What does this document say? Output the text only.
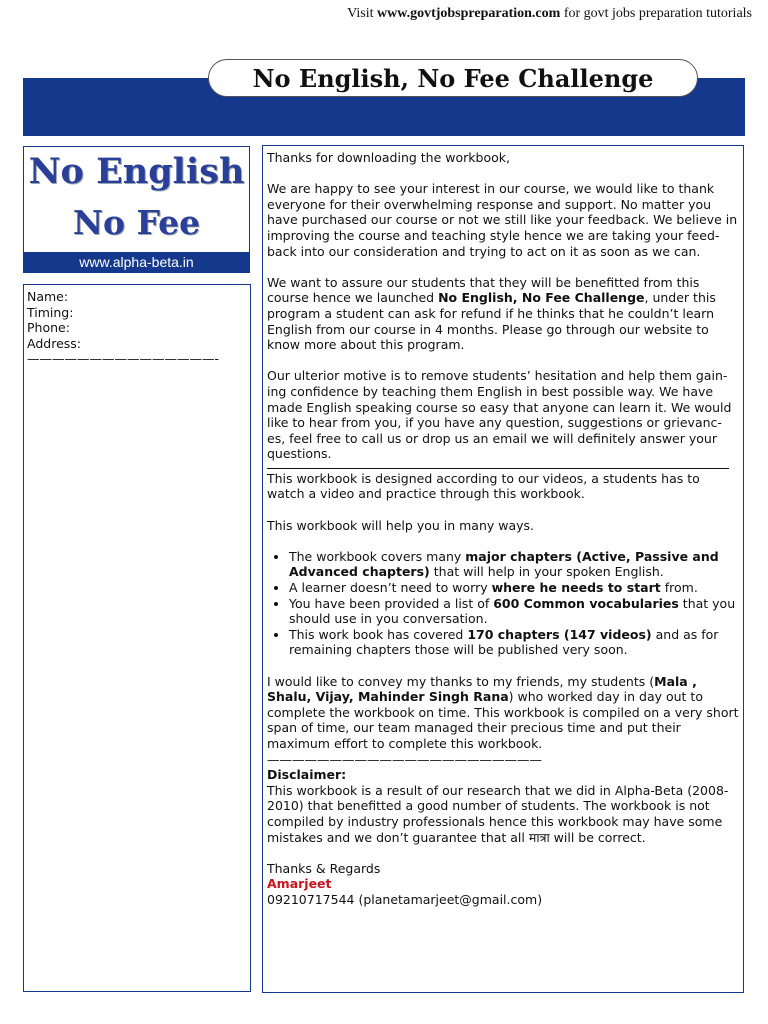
Visit www.govtjobspreparation.com for govt jobs preparation tutorials
No English, No Fee Challenge
No English
No Fee
www.alpha-beta.in
Name:
Timing:
Phone:
Address:
———————————————-

Thanks for downloading the workbook,

We are happy to see your interest in our course, we would like to thank everyone for their overwhelming response and support. No matter you have purchased our course or not we still like your feedback. We believe in improving the course and teaching style hence we are taking your feed-back into our consideration and trying to act on it as soon as we can.

We want to assure our students that they will be benefitted from this course hence we launched No English, No Fee Challenge, under this program a student can ask for refund if he thinks that he couldn’t learn English from our course in 4 months. Please go through our website to know more about this program.

Our ulterior motive is to remove students’ hesitation and help them gain-ing confidence by teaching them English in best possible way. We have made English speaking course so easy that anyone can learn it. We would like to hear from you, if you have any question, suggestions or grievanc-es, feel free to call us or drop us an email we will definitely answer your questions.

This workbook is designed according to our videos, a students has to watch a video and practice through this workbook.

This workbook will help you in many ways.

• The workbook covers many major chapters (Active, Passive and Advanced chapters) that will help in your spoken English.
• A learner doesn’t need to worry where he needs to start from.
• You have been provided a list of 600 Common vocabularies that you should use in you conversation.
• This work book has covered 170 chapters (147 videos) and as for remaining chapters those will be published very soon.

I would like to convey my thanks to my friends, my students (Mala , Shalu, Vijay, Mahinder Singh Rana) who worked day in day out to complete the workbook on time. This workbook is compiled on a very short span of time, our team managed their precious time and put their maximum effort to complete this workbook.

——————————————————————
Disclaimer:

This workbook is a result of our research that we did in Alpha-Beta (2008-2010) that benefitted a good number of students. The workbook is not compiled by industry professionals hence this workbook may have some mistakes and we don’t guarantee that all मात्रा will be correct.

Thanks & Regards
Amarjeet
09210717544 (planetamarjeet@gmail.com)
